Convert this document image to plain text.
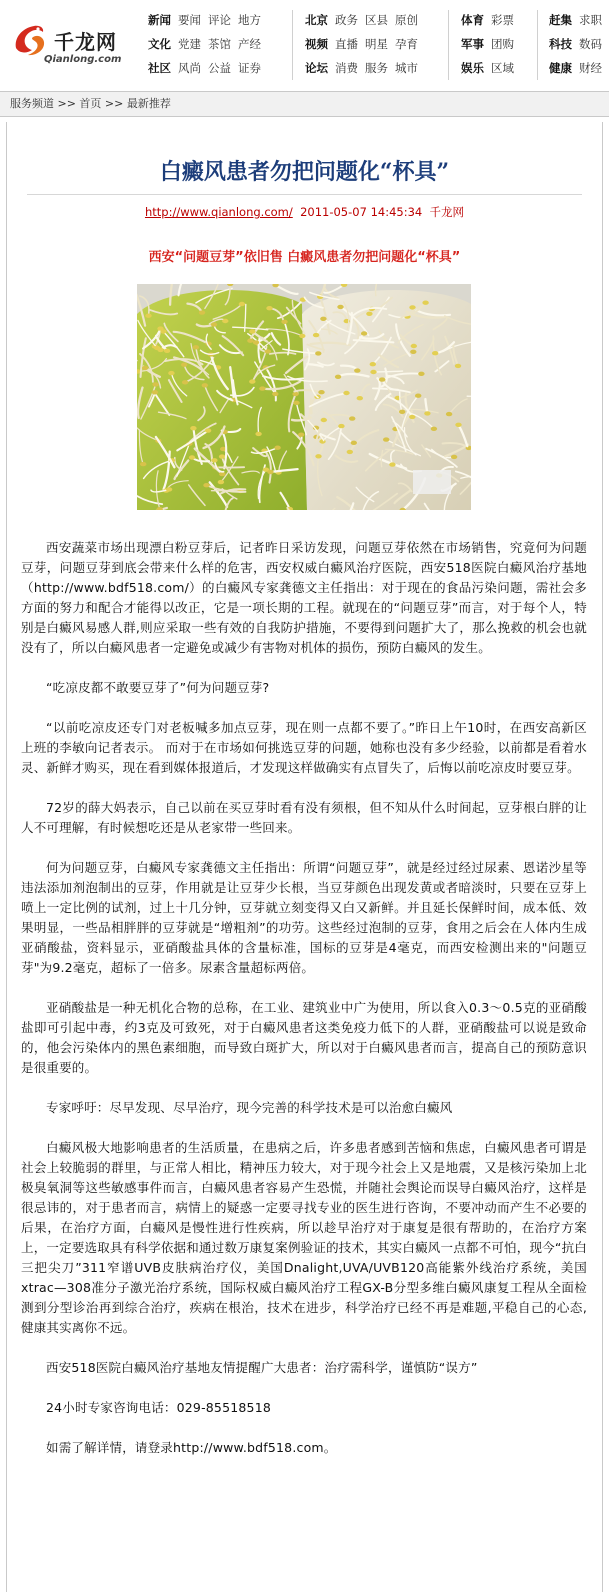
千龙网
Qianlong.com
新闻 要闻 评论 地方
文化 党建 茶馆 产经
社区 风尚 公益 证券
北京 政务 区县 原创
视频 直播 明星 孕育
论坛 消费 服务 城市
体育 彩票
军事 团购
娱乐 区域
赶集 求职
科技 数码
健康 财经
服务频道 >> 首页 >> 最新推荐
白癜风患者勿把问题化“杯具”
http://www.qianlong.com/ 2011-05-07 14:45:34 千龙网
西安“问题豆芽”依旧售 白癜风患者勿把问题化“杯具”

西安蔬菜市场出现漂白粉豆芽后，记者昨日采访发现，问题豆芽依然在市场销售，究竟何为问题豆芽，问题豆芽到底会带来什么样的危害，西安权威白癜风治疗医院，西安518医院白癜风治疗基地（http://www.bdf518.com/）的白癜风专家龚德文主任指出：对于现在的食品污染问题，需社会多方面的努力和配合才能得以改正，它是一项长期的工程。就现在的“问题豆芽”而言，对于每个人，特别是白癜风易感人群,则应采取一些有效的自我防护措施，不要得到问题扩大了，那么挽救的机会也就没有了，所以白癜风患者一定避免或减少有害物对机体的损伤，预防白癜风的发生。

“吃凉皮都不敢要豆芽了”何为问题豆芽?

“以前吃凉皮还专门对老板喊多加点豆芽，现在则一点都不要了。”昨日上午10时，在西安高新区上班的李敏向记者表示。 而对于在市场如何挑选豆芽的问题，她称也没有多少经验，以前都是看着水灵、新鲜才购买，现在看到媒体报道后，才发现这样做确实有点冒失了，后悔以前吃凉皮时要豆芽。

72岁的薛大妈表示，自己以前在买豆芽时看有没有须根，但不知从什么时间起，豆芽根白胖的让人不可理解，有时候想吃还是从老家带一些回来。

何为问题豆芽，白癜风专家龚德文主任指出：所谓“问题豆芽”，就是经过经过尿素、恩诺沙星等违法添加剂泡制出的豆芽，作用就是让豆芽少长根，当豆芽颜色出现发黄或者暗淡时，只要在豆芽上喷上一定比例的试剂，过上十几分钟，豆芽就立刻变得又白又新鲜。并且延长保鲜时间，成本低、效果明显，一些品相胖胖的豆芽就是“增粗剂”的功劳。这些经过泡制的豆芽，食用之后会在人体内生成亚硝酸盐，资料显示，亚硝酸盐具体的含量标准，国标的豆芽是4毫克，而西安检测出来的"问题豆芽"为9.2毫克，超标了一倍多。尿素含量超标两倍。

亚硝酸盐是一种无机化合物的总称，在工业、建筑业中广为使用，所以食入0.3～0.5克的亚硝酸盐即可引起中毒，约3克及可致死，对于白癜风患者这类免疫力低下的人群，亚硝酸盐可以说是致命的，他会污染体内的黑色素细胞，而导致白斑扩大，所以对于白癜风患者而言，提高自己的预防意识是很重要的。

专家呼吁：尽早发现、尽早治疗，现今完善的科学技术是可以治愈白癜风

白癜风极大地影响患者的生活质量，在患病之后，许多患者感到苦恼和焦虑，白癜风患者可谓是社会上较脆弱的群里，与正常人相比，精神压力较大，对于现今社会上又是地震，又是核污染加上北极臭氧洞等这些敏感事件而言，白癜风患者容易产生恐慌，并随社会舆论而误导白癜风治疗，这样是很忌讳的，对于患者而言，病情上的疑惑一定要寻找专业的医生进行咨询，不要冲动而产生不必要的后果，在治疗方面，白癜风是慢性进行性疾病，所以趁早治疗对于康复是很有帮助的，在治疗方案上，一定要选取具有科学依据和通过数万康复案例验证的技术，其实白癜风一点都不可怕，现今“抗白三把尖刀”311窄谱UVB皮肤病治疗仪，美国Dnalight,UVA/UVB120高能紫外线治疗系统，美国xtrac—308准分子激光治疗系统，国际权威白癜风治疗工程GX-B分型多维白癜风康复工程从全面检测到分型诊治再到综合治疗，疾病在根治，技术在进步，科学治疗已经不再是难题,平稳自己的心态,健康其实离你不远。

西安518医院白癜风治疗基地友情提醒广大患者：治疗需科学，谨慎防“误方”

24小时专家咨询电话：029-85518518

如需了解详情，请登录http://www.bdf518.com。
